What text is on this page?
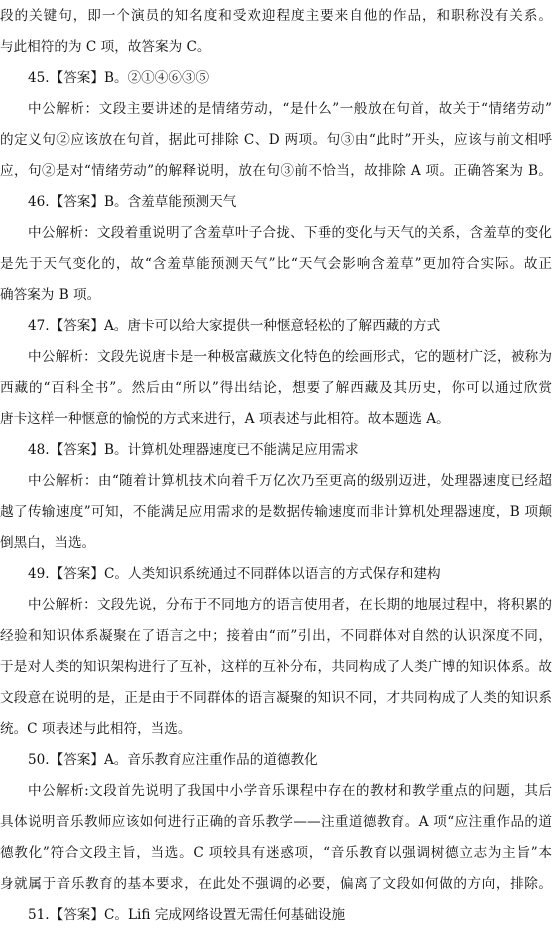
段的关键句，即一个演员的知名度和受欢迎程度主要来自他的作品，和职称没有关系。
与此相符的为 C 项，故答案为 C。
45.【答案】B。②①④⑥③⑤
中公解析：文段主要讲述的是情绪劳动，“是什么”一般放在句首，故关于“情绪劳动”
的定义句②应该放在句首，据此可排除 C、D 两项。句③由“此时”开头，应该与前文相呼
应，句②是对“情绪劳动”的解释说明，放在句③前不恰当，故排除 A 项。正确答案为 B。
46.【答案】B。含羞草能预测天气
中公解析：文段着重说明了含羞草叶子合拢、下垂的变化与天气的关系，含羞草的变化
是先于天气变化的，故“含羞草能预测天气”比“天气会影响含羞草”更加符合实际。故正
确答案为 B 项。
47.【答案】A。唐卡可以给大家提供一种惬意轻松的了解西藏的方式
中公解析：文段先说唐卡是一种极富藏族文化特色的绘画形式，它的题材广泛，被称为
西藏的“百科全书”。然后由“所以”得出结论，想要了解西藏及其历史，你可以通过欣赏
唐卡这样一种惬意的愉悦的方式来进行，A 项表述与此相符。故本题选 A。
48.【答案】B。计算机处理器速度已不能满足应用需求
中公解析：由“随着计算机技术向着千万亿次乃至更高的级别迈进，处理器速度已经超
越了传输速度”可知，不能满足应用需求的是数据传输速度而非计算机处理器速度，B 项颠
倒黑白，当选。
49.【答案】C。人类知识系统通过不同群体以语言的方式保存和建构
中公解析：文段先说，分布于不同地方的语言使用者，在长期的地展过程中，将积累的
经验和知识体系凝聚在了语言之中；接着由“而”引出，不同群体对自然的认识深度不同，
于是对人类的知识架构进行了互补，这样的互补分布，共同构成了人类广博的知识体系。故
文段意在说明的是，正是由于不同群体的语言凝聚的知识不同，才共同构成了人类的知识系
统。C 项表述与此相符，当选。
50.【答案】A。音乐教育应注重作品的道德教化
中公解析:文段首先说明了我国中小学音乐课程中存在的教材和教学重点的问题，其后
具体说明音乐教师应该如何进行正确的音乐教学——注重道德教育。A 项“应注重作品的道
德教化”符合文段主旨，当选。C 项较具有迷惑项，“音乐教育以强调树德立志为主旨”本
身就属于音乐教育的基本要求，在此处不强调的必要，偏离了文段如何做的方向，排除。
51.【答案】C。Lifi 完成网络设置无需任何基础设施
